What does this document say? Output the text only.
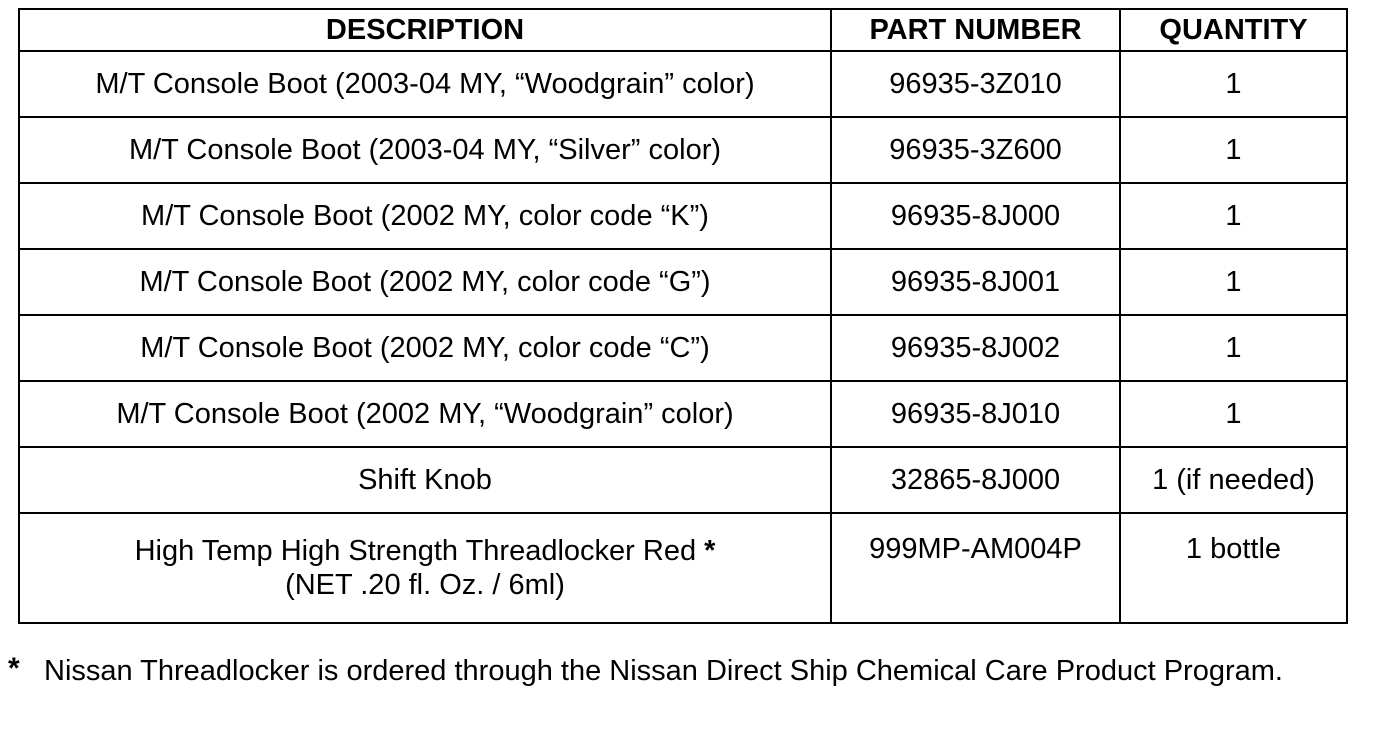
DESCRIPTION	PART NUMBER	QUANTITY
M/T Console Boot (2003-04 MY, “Woodgrain” color)	96935-3Z010	1
M/T Console Boot (2003-04 MY, “Silver” color)	96935-3Z600	1
M/T Console Boot (2002 MY, color code “K”)	96935-8J000	1
M/T Console Boot (2002 MY, color code “G”)	96935-8J001	1
M/T Console Boot (2002 MY, color code “C”)	96935-8J002	1
M/T Console Boot (2002 MY, “Woodgrain” color)	96935-8J010	1
Shift Knob	32865-8J000	1 (if needed)

High Temp High Strength Threadlocker Red *
(NET .20 fl. Oz. / 6ml)	999MP-AM004P	1 bottle
* Nissan Threadlocker is ordered through the Nissan Direct Ship Chemical Care Product Program.
